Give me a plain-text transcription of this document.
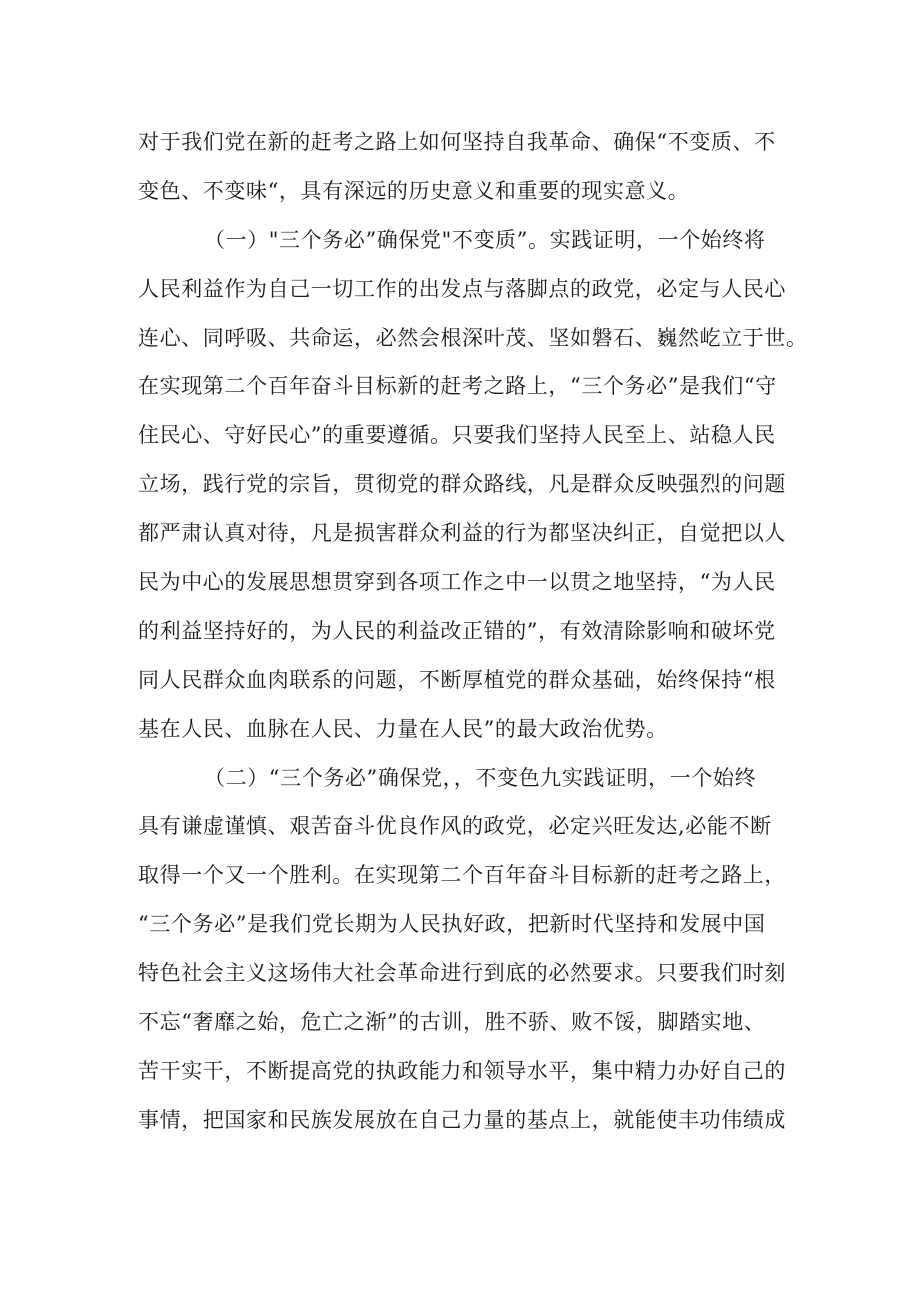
对于我们党在新的赶考之路上如何坚持自我革命、确保“不变质、不
变色、不变味“，具有深远的历史意义和重要的现实意义。
（一）"三个务必”确保党"不变质”。实践证明，一个始终将
人民利益作为自己一切工作的出发点与落脚点的政党，必定与人民心
连心、同呼吸、共命运，必然会根深叶茂、坚如磐石、巍然屹立于世。
在实现第二个百年奋斗目标新的赶考之路上，“三个务必”是我们“守
住民心、守好民心”的重要遵循。只要我们坚持人民至上、站稳人民
立场，践行党的宗旨，贯彻党的群众路线，凡是群众反映强烈的问题
都严肃认真对待，凡是损害群众利益的行为都坚决纠正，自觉把以人
民为中心的发展思想贯穿到各项工作之中一以贯之地坚持，“为人民
的利益坚持好的，为人民的利益改正错的”，有效清除影响和破坏党
同人民群众血肉联系的问题，不断厚植党的群众基础，始终保持“根
基在人民、血脉在人民、力量在人民”的最大政治优势。
（二）“三个务必”确保党，，不变色九实践证明，一个始终
具有谦虚谨慎、艰苦奋斗优良作风的政党，必定兴旺发达,必能不断
取得一个又一个胜利。在实现第二个百年奋斗目标新的赶考之路上，
“三个务必”是我们党长期为人民执好政，把新时代坚持和发展中国
特色社会主义这场伟大社会革命进行到底的必然要求。只要我们时刻
不忘“奢靡之始，危亡之渐”的古训，胜不骄、败不馁，脚踏实地、
苦干实干，不断提高党的执政能力和领导水平，集中精力办好自己的
事情，把国家和民族发展放在自己力量的基点上，就能使丰功伟绩成
